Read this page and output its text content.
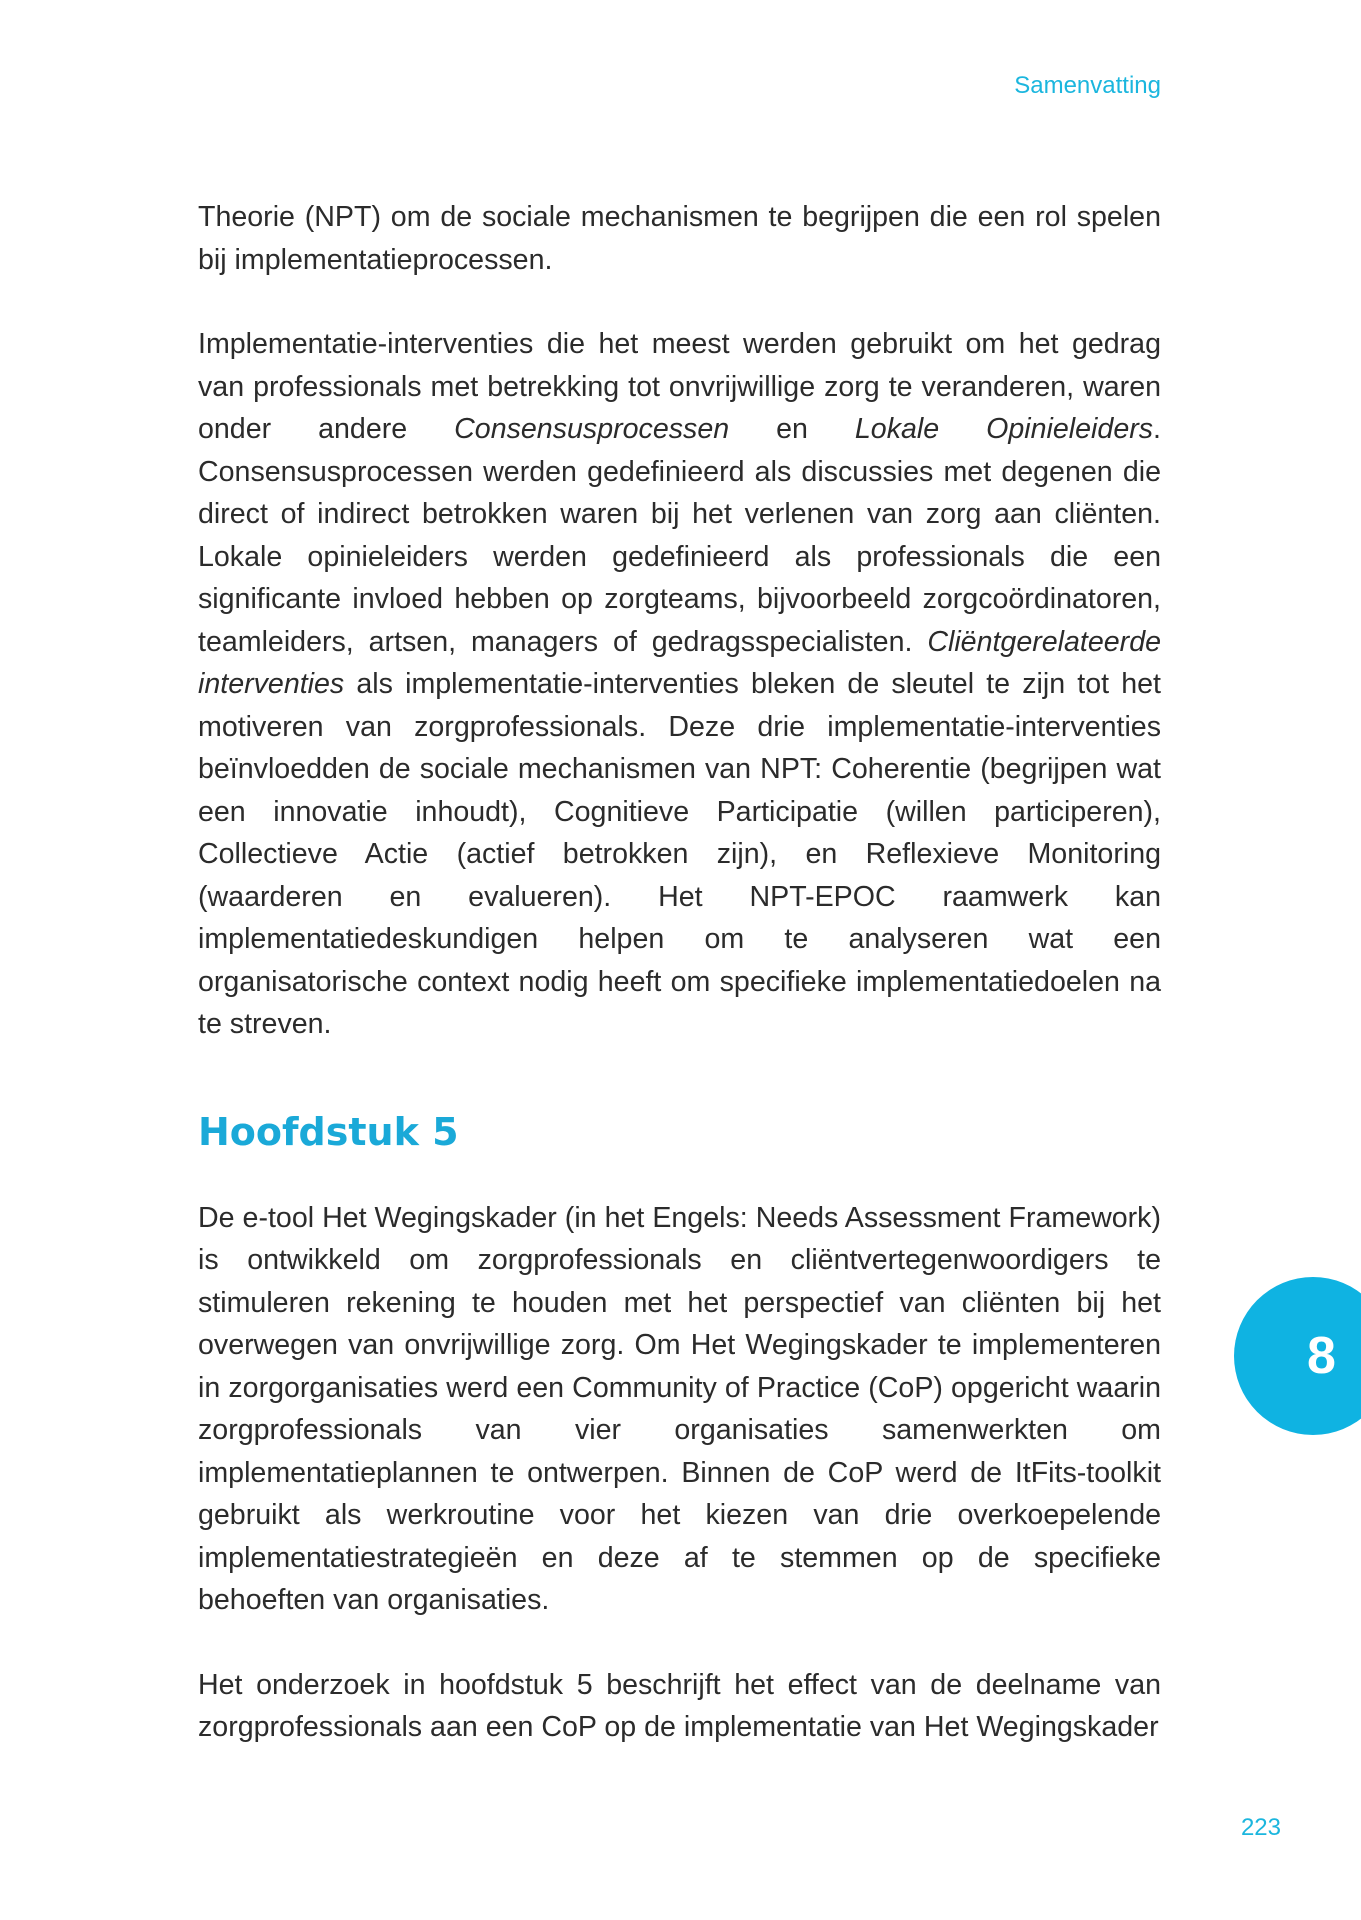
Samenvatting

Theorie (NPT) om de sociale mechanismen te begrijpen die een rol spelen bij implementatieprocessen.

Implementatie-interventies die het meest werden gebruikt om het gedrag van professionals met betrekking tot onvrijwillige zorg te veranderen, waren onder andere Consensusprocessen en Lokale Opinieleiders. Consensusprocessen werden gedefinieerd als discussies met degenen die direct of indirect betrokken waren bij het verlenen van zorg aan cliënten. Lokale opinieleiders werden gedefinieerd als professionals die een significante invloed hebben op zorgteams, bijvoorbeeld zorgcoördinatoren, teamleiders, artsen, managers of gedragsspecialisten. Cliëntgerelateerde interventies als implementatie-interventies bleken de sleutel te zijn tot het motiveren van zorgprofessionals. Deze drie implementatie-interventies beïnvloedden de sociale mechanismen van NPT: Coherentie (begrijpen wat een innovatie inhoudt), Cognitieve Participatie (willen participeren), Collectieve Actie (actief betrokken zijn), en Reflexieve Monitoring (waarderen en evalueren). Het NPT-EPOC raamwerk kan implementatiedeskundigen helpen om te analyseren wat een organisatorische context nodig heeft om specifieke implementatiedoelen na te streven.

Hoofdstuk 5

De e-tool Het Wegingskader (in het Engels: Needs Assessment Framework) is ontwikkeld om zorgprofessionals en cliëntvertegenwoordigers te stimuleren rekening te houden met het perspectief van cliënten bij het overwegen van onvrijwillige zorg. Om Het Wegingskader te implementeren in zorgorganisaties werd een Community of Practice (CoP) opgericht waarin zorgprofessionals van vier organisaties samenwerkten om implementatieplannen te ontwerpen. Binnen de CoP werd de ItFits-toolkit gebruikt als werkroutine voor het kiezen van drie overkoepelende implementatiestrategieën en deze af te stemmen op de specifieke behoeften van organisaties.

Het onderzoek in hoofdstuk 5 beschrijft het effect van de deelname van zorgprofessionals aan een CoP op de implementatie van Het Wegingskader

8
223
